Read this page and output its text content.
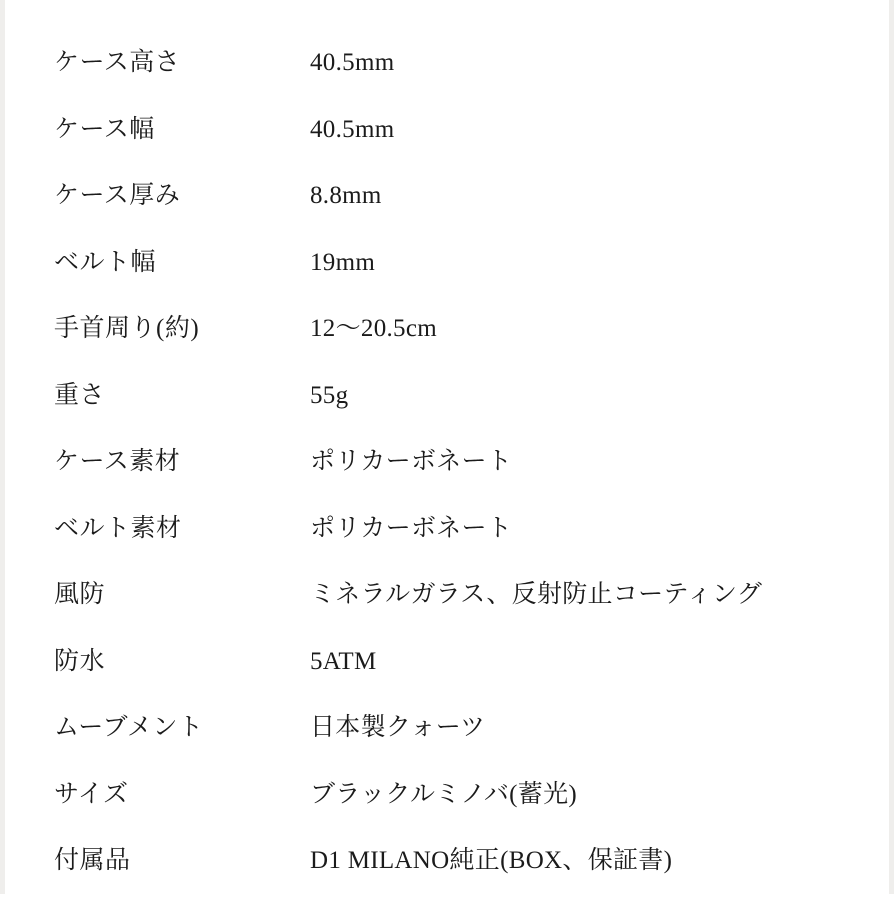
ケース高さ	40.5mm
ケース幅	40.5mm
ケース厚み	8.8mm
ベルト幅	19mm
手首周り(約)	12〜20.5cm
重さ	55g
ケース素材	ポリカーボネート
ベルト素材	ポリカーボネート
風防	ミネラルガラス、反射防止コーティング
防水	5ATM
ムーブメント	日本製クォーツ
サイズ	ブラックルミノバ(蓄光)
付属品	D1 MILANO純正(BOX、保証書)
